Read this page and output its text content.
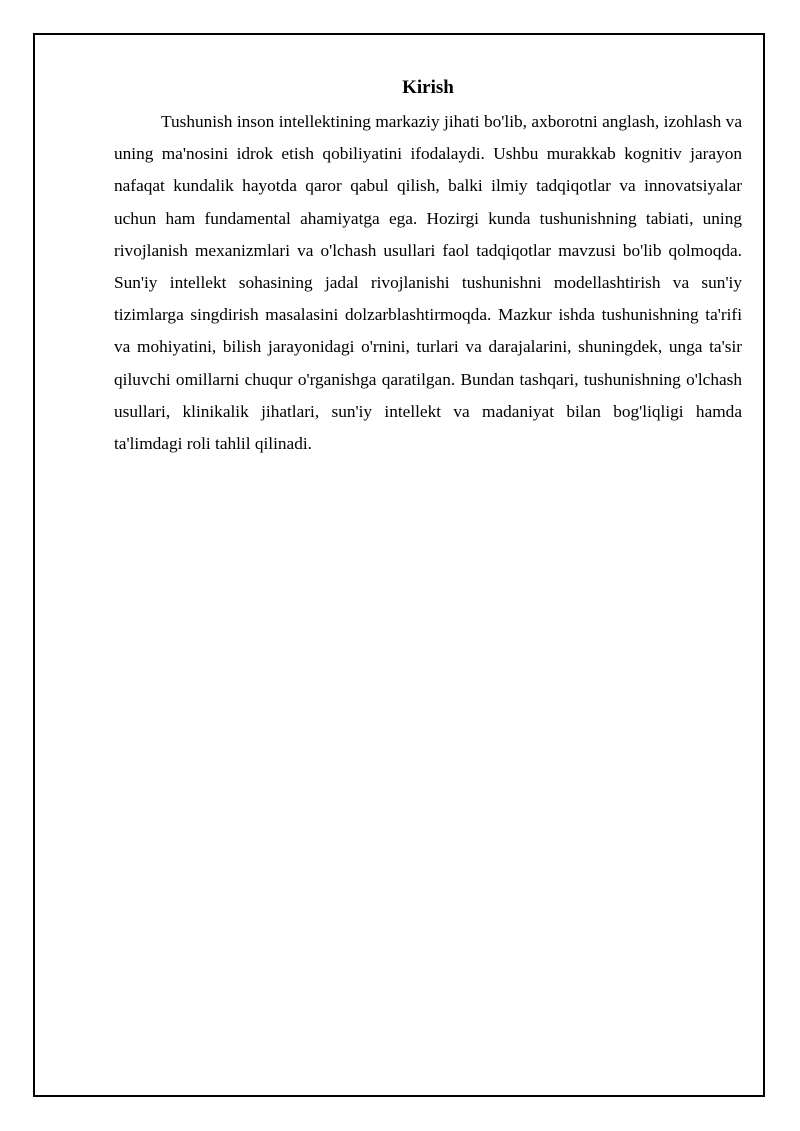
Kirish

Tushunish inson intellektining markaziy jihati bo'lib, axborotni anglash, izohlash va uning ma'nosini idrok etish qobiliyatini ifodalaydi. Ushbu murakkab kognitiv jarayon nafaqat kundalik hayotda qaror qabul qilish, balki ilmiy tadqiqotlar va innovatsiyalar uchun ham fundamental ahamiyatga ega. Hozirgi kunda tushunishning tabiati, uning rivojlanish mexanizmlari va o'lchash usullari faol tadqiqotlar mavzusi bo'lib qolmoqda. Sun'iy intellekt sohasining jadal rivojlanishi tushunishni modellashtirish va sun'iy tizimlarga singdirish masalasini dolzarblashtirmoqda. Mazkur ishda tushunishning ta'rifi va mohiyatini, bilish jarayonidagi o'rnini, turlari va darajalarini, shuningdek, unga ta'sir qiluvchi omillarni chuqur o'rganishga qaratilgan. Bundan tashqari, tushunishning o'lchash usullari, klinikalik jihatlari, sun'iy intellekt va madaniyat bilan bog'liqligi hamda ta'limdagi roli tahlil qilinadi.
